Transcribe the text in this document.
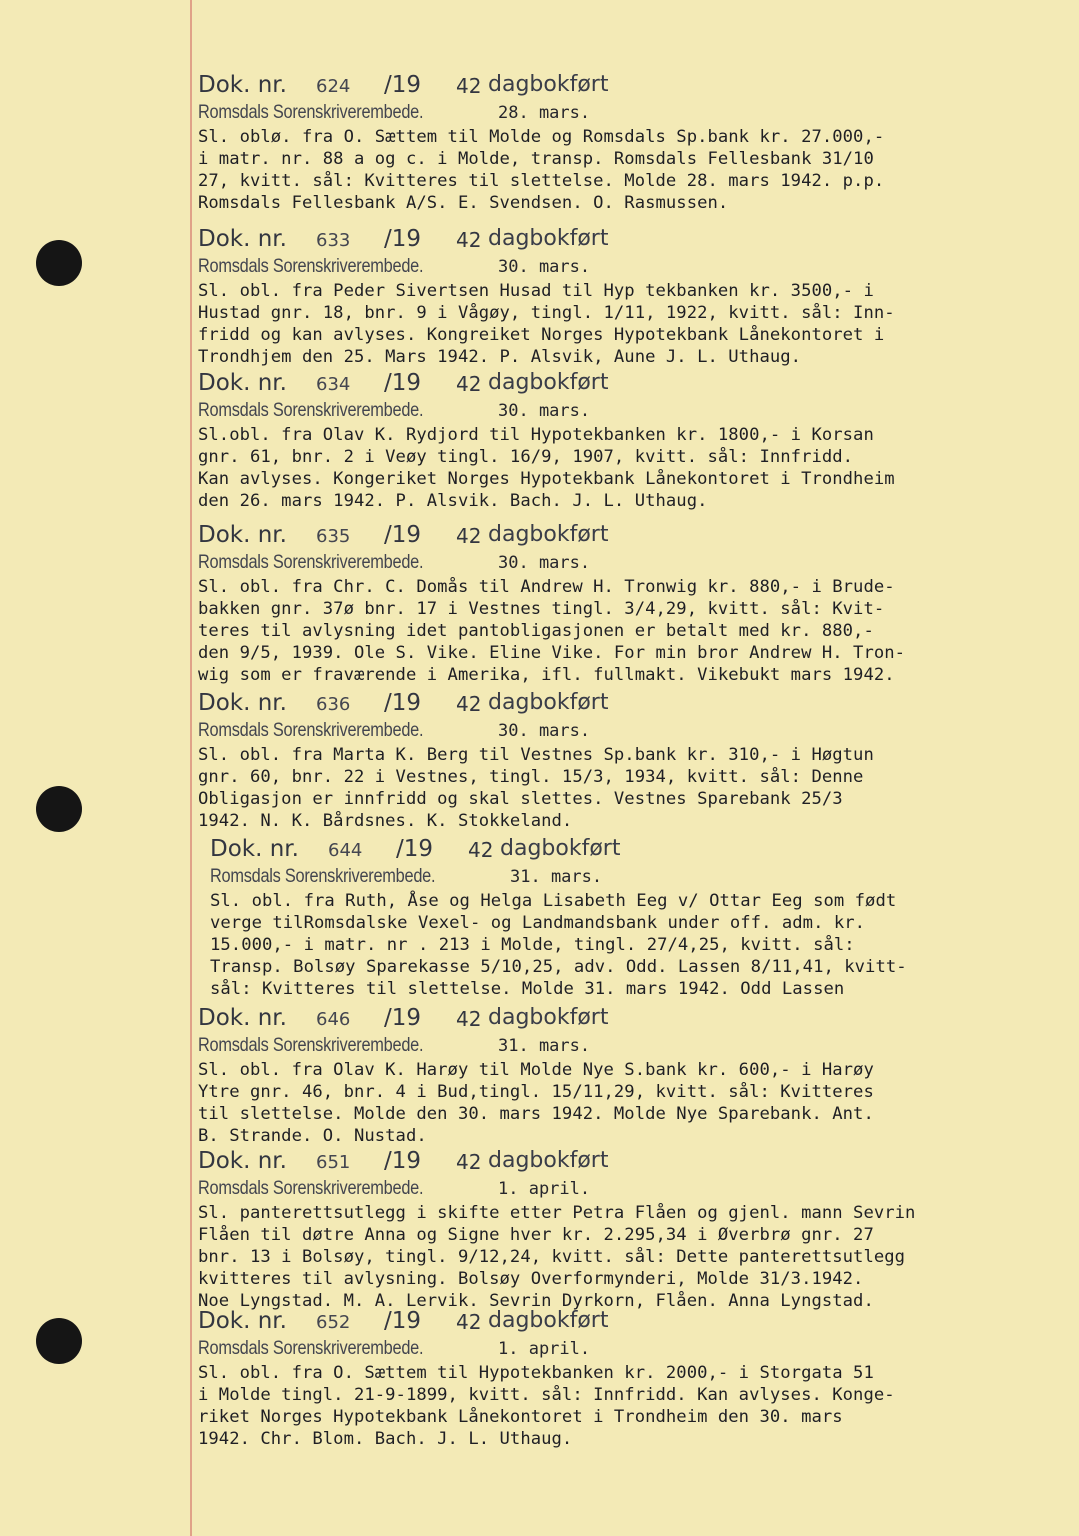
Dok. nr. 624 /19 42 dagbokført
Romsdals Sorenskriverembede.	28. mars.
Sl. oblø. fra O. Sættem til Molde og Romsdals Sp.bank kr. 27.000,-
i matr. nr. 88 a og c. i Molde, transp. Romsdals Fellesbank 31/10
27, kvitt. sål: Kvitteres til slettelse. Molde 28. mars 1942. p.p.
Romsdals Fellesbank A/S. E. Svendsen. O. Rasmussen.
Dok. nr. 633 /19 42 dagbokført
Romsdals Sorenskriverembede.	30. mars.
Sl. obl. fra Peder Sivertsen Husad til Hyp tekbanken kr. 3500,- i
Hustad gnr. 18, bnr. 9 i Vågøy, tingl. 1/11, 1922, kvitt. sål: Inn-
fridd og kan avlyses. Kongreiket Norges Hypotekbank Lånekontoret i
Trondhjem den 25. Mars 1942. P. Alsvik, Aune J. L. Uthaug.
Dok. nr. 634 /19 42 dagbokført
Romsdals Sorenskriverembede.	30. mars.
Sl.obl. fra Olav K. Rydjord til Hypotekbanken kr. 1800,- i Korsan
gnr. 61, bnr. 2 i Veøy tingl. 16/9, 1907, kvitt. sål: Innfridd.
Kan avlyses. Kongeriket Norges Hypotekbank Lånekontoret i Trondheim
den 26. mars 1942. P. Alsvik. Bach. J. L. Uthaug.
Dok. nr. 635 /19 42 dagbokført
Romsdals Sorenskriverembede.	30. mars.
Sl. obl. fra Chr. C. Domås til Andrew H. Tronwig kr. 880,- i Brude-
bakken gnr. 37ø bnr. 17 i Vestnes tingl. 3/4,29, kvitt. sål: Kvit-
teres til avlysning idet pantobligasjonen er betalt med kr. 880,-
den 9/5, 1939. Ole S. Vike. Eline Vike. For min bror Andrew H. Tron-
wig som er fraværende i Amerika, ifl. fullmakt. Vikebukt mars 1942.
Dok. nr. 636 /19 42 dagbokført
Romsdals Sorenskriverembede.	30. mars.
Sl. obl. fra Marta K. Berg til Vestnes Sp.bank kr. 310,- i Høgtun
gnr. 60, bnr. 22 i Vestnes, tingl. 15/3, 1934, kvitt. sål: Denne
Obligasjon er innfridd og skal slettes. Vestnes Sparebank 25/3
1942. N. K. Bårdsnes. K. Stokkeland.
Dok. nr. 644 /19 42 dagbokført
Romsdals Sorenskriverembede.	31. mars.
Sl. obl. fra Ruth, Åse og Helga Lisabeth Eeg v/ Ottar Eeg som født
verge tilRomsdalske Vexel- og Landmandsbank under off. adm. kr.
15.000,- i matr. nr . 213 i Molde, tingl. 27/4,25, kvitt. sål:
Transp. Bolsøy Sparekasse 5/10,25, adv. Odd. Lassen 8/11,41, kvitt-
sål: Kvitteres til slettelse. Molde 31. mars 1942. Odd Lassen
Dok. nr. 646 /19 42 dagbokført
Romsdals Sorenskriverembede.	31. mars.
Sl. obl. fra Olav K. Harøy til Molde Nye S.bank kr. 600,- i Harøy
Ytre gnr. 46, bnr. 4 i Bud,tingl. 15/11,29, kvitt. sål: Kvitteres
til slettelse. Molde den 30. mars 1942. Molde Nye Sparebank. Ant.
B. Strande. O. Nustad.
Dok. nr. 651 /19 42 dagbokført
Romsdals Sorenskriverembede.	1. april.
Sl. panterettsutlegg i skifte etter Petra Flåen og gjenl. mann Sevrin
Flåen til døtre Anna og Signe hver kr. 2.295,34 i Øverbrø gnr. 27
bnr. 13 i Bolsøy, tingl. 9/12,24, kvitt. sål: Dette panterettsutlegg
kvitteres til avlysning. Bolsøy Overformynderi, Molde 31/3.1942.
Noe Lyngstad. M. A. Lervik. Sevrin Dyrkorn, Flåen. Anna Lyngstad.
Dok. nr. 652 /19 42 dagbokført
Romsdals Sorenskriverembede.	1. april.
Sl. obl. fra O. Sættem til Hypotekbanken kr. 2000,- i Storgata 51
i Molde tingl. 21-9-1899, kvitt. sål: Innfridd. Kan avlyses. Konge-
riket Norges Hypotekbank Lånekontoret i Trondheim den 30. mars
1942. Chr. Blom. Bach. J. L. Uthaug.
